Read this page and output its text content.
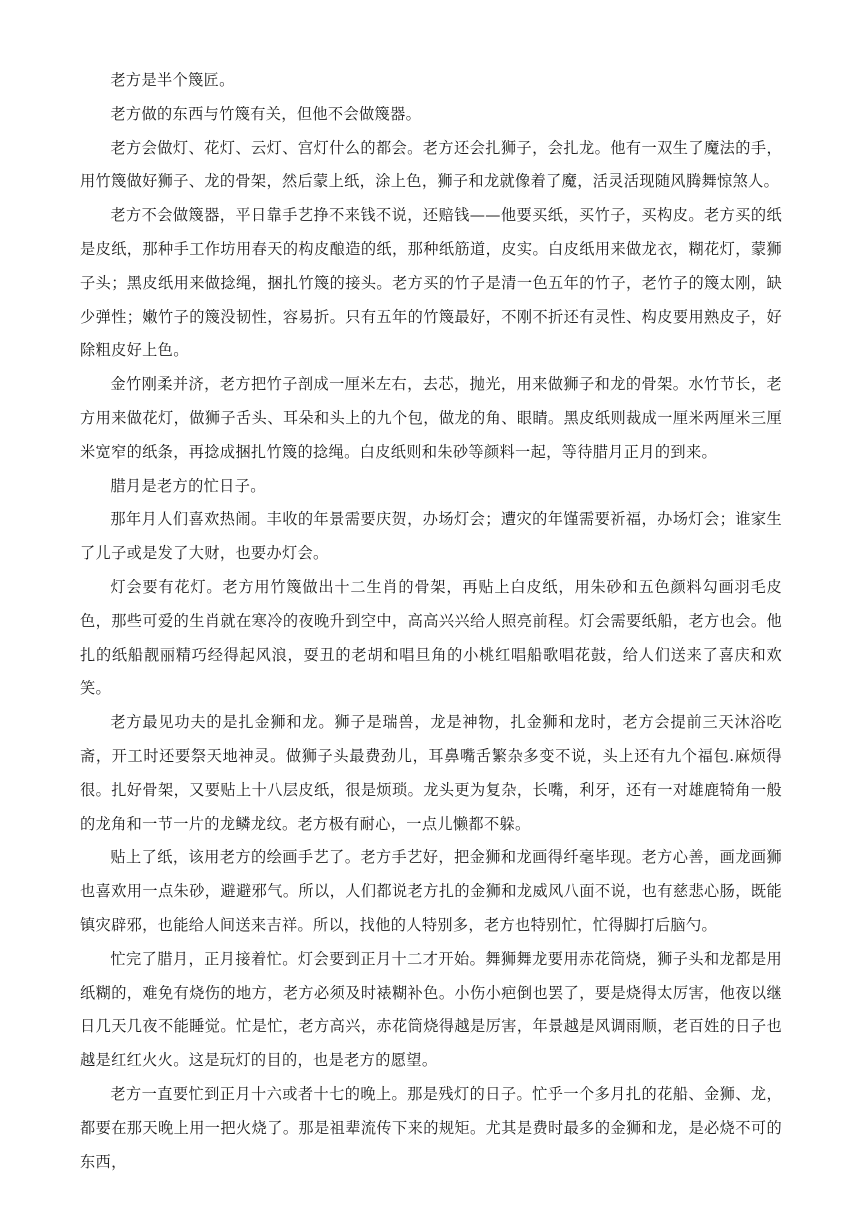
老方是半个篾匠。

老方做的东西与竹篾有关，但他不会做篾器。

老方会做灯、花灯、云灯、宫灯什么的都会。老方还会扎狮子，会扎龙。他有一双生了魔法的手，用竹篾做好狮子、龙的骨架，然后蒙上纸，涂上色，狮子和龙就像着了魔，活灵活现随风腾舞惊煞人。

老方不会做篾器，平日靠手艺挣不来钱不说，还赔钱——他要买纸，买竹子，买构皮。老方买的纸是皮纸，那种手工作坊用春天的构皮酿造的纸，那种纸筋道，皮实。白皮纸用来做龙衣，糊花灯，蒙狮子头；黑皮纸用来做捻绳，捆扎竹篾的接头。老方买的竹子是清一色五年的竹子，老竹子的篾太刚，缺少弹性；嫩竹子的篾没韧性，容易折。只有五年的竹篾最好，不刚不折还有灵性、构皮要用熟皮子，好除粗皮好上色。

金竹刚柔并济，老方把竹子剖成一厘米左右，去芯，抛光，用来做狮子和龙的骨架。水竹节长，老方用来做花灯，做狮子舌头、耳朵和头上的九个包，做龙的角、眼睛。黑皮纸则裁成一厘米两厘米三厘米宽窄的纸条，再捻成捆扎竹篾的捻绳。白皮纸则和朱砂等颜料一起，等待腊月正月的到来。

腊月是老方的忙日子。

那年月人们喜欢热闹。丰收的年景需要庆贺，办场灯会；遭灾的年馑需要祈福，办场灯会；谁家生了儿子或是发了大财，也要办灯会。

灯会要有花灯。老方用竹篾做出十二生肖的骨架，再贴上白皮纸，用朱砂和五色颜料勾画羽毛皮色，那些可爱的生肖就在寒冷的夜晚升到空中，高高兴兴给人照亮前程。灯会需要纸船，老方也会。他扎的纸船靓丽精巧经得起风浪，耍丑的老胡和唱旦角的小桃红唱船歌唱花鼓，给人们送来了喜庆和欢笑。

老方最见功夫的是扎金狮和龙。狮子是瑞兽，龙是神物，扎金狮和龙时，老方会提前三天沐浴吃斋，开工时还要祭天地神灵。做狮子头最费劲儿，耳鼻嘴舌繁杂多变不说，头上还有九个福包.麻烦得很。扎好骨架，又要贴上十八层皮纸，很是烦琐。龙头更为复杂，长嘴，利牙，还有一对雄鹿犄角一般的龙角和一节一片的龙鳞龙纹。老方极有耐心，一点儿懒都不躲。

贴上了纸，该用老方的绘画手艺了。老方手艺好，把金狮和龙画得纤毫毕现。老方心善，画龙画狮也喜欢用一点朱砂，避避邪气。所以，人们都说老方扎的金狮和龙威风八面不说，也有慈悲心肠，既能镇灾辟邪，也能给人间送来吉祥。所以，找他的人特别多，老方也特别忙，忙得脚打后脑勺。

忙完了腊月，正月接着忙。灯会要到正月十二才开始。舞狮舞龙要用赤花筒烧，狮子头和龙都是用纸糊的，难免有烧伤的地方，老方必须及时裱糊补色。小伤小疤倒也罢了，要是烧得太厉害，他夜以继日几天几夜不能睡觉。忙是忙，老方高兴，赤花筒烧得越是厉害，年景越是风调雨顺，老百姓的日子也越是红红火火。这是玩灯的目的，也是老方的愿望。

老方一直要忙到正月十六或者十七的晚上。那是残灯的日子。忙乎一个多月扎的花船、金狮、龙，都要在那天晚上用一把火烧了。那是祖辈流传下来的规矩。尤其是费时最多的金狮和龙，是必烧不可的东西，
